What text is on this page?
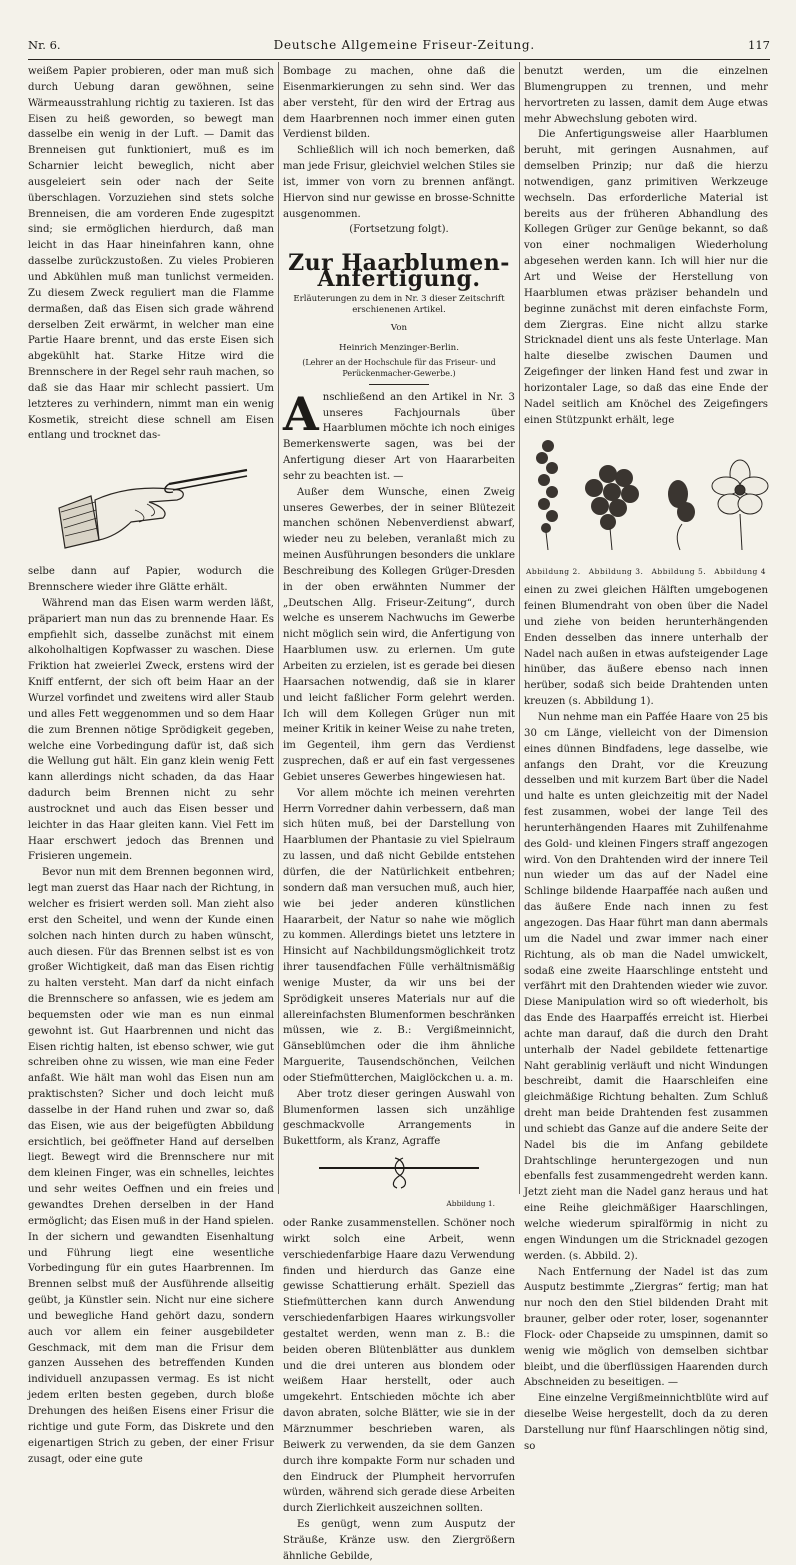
Nr. 6.	Deutsche Allgemeine Friseur-Zeitung.	117

weißem Papier probieren, oder man muß sich durch Uebung daran gewöhnen, seine Wärmeausstrahlung richtig zu taxieren. Ist das Eisen zu heiß geworden, so bewegt man dasselbe ein wenig in der Luft. — Damit das Brenneisen gut funktioniert, muß es im Scharnier leicht beweglich, nicht aber ausgeleiert sein oder nach der Seite überschlagen. Vorzuziehen sind stets solche Brenneisen, die am vorderen Ende zugespitzt sind; sie ermöglichen hierdurch, daß man leicht in das Haar hineinfahren kann, ohne dasselbe zurückzustoßen. Zu vieles Probieren und Abkühlen muß man tunlichst vermeiden. Zu diesem Zweck reguliert man die Flamme dermaßen, daß das Eisen sich grade während derselben Zeit erwärmt, in welcher man eine Partie Haare brennt, und das erste Eisen sich abgekühlt hat. Starke Hitze wird die Brennschere in der Regel sehr rauh machen, so daß sie das Haar mir schlecht passiert. Um letzteres zu verhindern, nimmt man ein wenig Kosmetik, streicht diese schnell am Eisen entlang und trocknet das-

selbe dann auf Papier, wodurch die Brennschere wieder ihre Glätte erhält.

Während man das Eisen warm werden läßt, präpariert man nun das zu brennende Haar. Es empfiehlt sich, dasselbe zunächst mit einem alkoholhaltigen Kopfwasser zu waschen. Diese Friktion hat zweierlei Zweck, erstens wird der Kniff entfernt, der sich oft beim Haar an der Wurzel vorfindet und zweitens wird aller Staub und alles Fett weggenommen und so dem Haar die zum Brennen nötige Sprödigkeit gegeben, welche eine Vorbedingung dafür ist, daß sich die Wellung gut hält. Ein ganz klein wenig Fett kann allerdings nicht schaden, da das Haar dadurch beim Brennen nicht zu sehr austrocknet und auch das Eisen besser und leichter in das Haar gleiten kann. Viel Fett im Haar erschwert jedoch das Brennen und Frisieren ungemein.

Bevor nun mit dem Brennen begonnen wird, legt man zuerst das Haar nach der Richtung, in welcher es frisiert werden soll. Man zieht also erst den Scheitel, und wenn der Kunde einen solchen nach hinten durch zu haben wünscht, auch diesen. Für das Brennen selbst ist es von großer Wichtigkeit, daß man das Eisen richtig zu halten versteht. Man darf da nicht einfach die Brennschere so anfassen, wie es jedem am bequemsten oder wie man es nun einmal gewohnt ist. Gut Haarbrennen und nicht das Eisen richtig halten, ist ebenso schwer, wie gut schreiben ohne zu wissen, wie man eine Feder anfaßt. Wie hält man wohl das Eisen nun am praktischsten? Sicher und doch leicht muß dasselbe in der Hand ruhen und zwar so, daß das Eisen, wie aus der beigefügten Abbildung ersichtlich, bei geöffneter Hand auf derselben liegt. Bewegt wird die Brennschere nur mit dem kleinen Finger, was ein schnelles, leichtes und sehr weites Oeffnen und ein freies und gewandtes Drehen derselben in der Hand ermöglicht; das Eisen muß in der Hand spielen. In der sichern und gewandten Eisenhaltung und Führung liegt eine wesentliche Vorbedingung für ein gutes Haarbrennen. Im Brennen selbst muß der Ausführende allseitig geübt, ja Künstler sein. Nicht nur eine sichere und bewegliche Hand gehört dazu, sondern auch vor allem ein feiner ausgebildeter Geschmack, mit dem man die Frisur dem ganzen Aussehen des betreffenden Kunden individuell anzupassen vermag. Es ist nicht jedem erlten besten gegeben, durch bloße Drehungen des heißen Eisens einer Frisur die richtige und gute Form, das Diskrete und den eigenartigen Strich zu geben, der einer Frisur zusagt, oder eine gute

Bombage zu machen, ohne daß die Eisenmarkierungen zu sehn sind. Wer das aber versteht, für den wird der Ertrag aus dem Haarbrennen noch immer einen guten Verdienst bilden.

Schließlich will ich noch bemerken, daß man jede Frisur, gleichviel welchen Stiles sie ist, immer von vorn zu brennen anfängt. Hiervon sind nur gewisse en brosse-Schnitte ausgenommen.

(Fortsetzung folgt).

Zur Haarblumen-Anfertigung.
Erläuterungen zu dem in Nr. 3 dieser Zeitschrift erschienenen Artikel.
Von
Heinrich Menzinger-Berlin.
(Lehrer an der Hochschule für das Friseur- und Perückenmacher-Gewerbe.)

Anschließend an den Artikel in Nr. 3 unseres Fachjournals über Haarblumen möchte ich noch einiges Bemerkenswerte sagen, was bei der Anfertigung dieser Art von Haararbeiten sehr zu beachten ist. —

Außer dem Wunsche, einen Zweig unseres Gewerbes, der in seiner Blütezeit manchen schönen Nebenverdienst abwarf, wieder neu zu beleben, veranlaßt mich zu meinen Ausführungen besonders die unklare Beschreibung des Kollegen Grüger-Dresden in der oben erwähnten Nummer der „Deutschen Allg. Friseur-Zeitung“, durch welche es unserem Nachwuchs im Gewerbe nicht möglich sein wird, die Anfertigung von Haarblumen usw. zu erlernen. Um gute Arbeiten zu erzielen, ist es gerade bei diesen Haarsachen notwendig, daß sie in klarer und leicht faßlicher Form gelehrt werden. Ich will dem Kollegen Grüger nun mit meiner Kritik in keiner Weise zu nahe treten, im Gegenteil, ihm gern das Verdienst zusprechen, daß er auf ein fast vergessenes Gebiet unseres Gewerbes hingewiesen hat.

Vor allem möchte ich meinen verehrten Herrn Vorredner dahin verbessern, daß man sich hüten muß, bei der Darstellung von Haarblumen der Phantasie zu viel Spielraum zu lassen, und daß nicht Gebilde entstehen dürfen, die der Natürlichkeit entbehren; sondern daß man versuchen muß, auch hier, wie bei jeder anderen künstlichen Haararbeit, der Natur so nahe wie möglich zu kommen. Allerdings bietet uns letztere in Hinsicht auf Nachbildungsmöglichkeit trotz ihrer tausendfachen Fülle verhältnismäßig wenige Muster, da wir uns bei der Sprödigkeit unseres Materials nur auf die allereinfachsten Blumenformen beschränken müssen, wie z. B.: Vergißmeinnicht, Gänseblümchen oder die ihm ähnliche Marguerite, Tausendschönchen, Veilchen oder Stiefmütterchen, Maiglöckchen u. a. m.

Aber trotz dieser geringen Auswahl von Blumenformen lassen sich unzählige geschmackvolle Arrangements in Bukettform, als Kranz, Agraffe

Abbildung 1.

oder Ranke zusammenstellen. Schöner noch wirkt solch eine Arbeit, wenn verschiedenfarbige Haare dazu Verwendung finden und hierdurch das Ganze eine gewisse Schattierung erhält. Speziell das Stiefmütterchen kann durch Anwendung verschiedenfarbigen Haares wirkungsvoller gestaltet werden, wenn man z. B.: die beiden oberen Blütenblätter aus dunklem und die drei unteren aus blondem oder weißem Haar herstellt, oder auch umgekehrt. Entschieden möchte ich aber davon abraten, solche Blätter, wie sie in der Märznummer beschrieben waren, als Beiwerk zu verwenden, da sie dem Ganzen durch ihre kompakte Form nur schaden und den Eindruck der Plumpheit hervorrufen würden, während sich gerade diese Arbeiten durch Zierlichkeit auszeichnen sollten.

Es genügt, wenn zum Ausputz der Sträuße, Kränze usw. den Ziergrößern ähnliche Gebilde,

benutzt werden, um die einzelnen Blumengruppen zu trennen, und mehr hervortreten zu lassen, damit dem Auge etwas mehr Abwechslung geboten wird.

Die Anfertigungsweise aller Haarblumen beruht, mit geringen Ausnahmen, auf demselben Prinzip; nur daß die hierzu notwendigen, ganz primitiven Werkzeuge wechseln. Das erforderliche Material ist bereits aus der früheren Abhandlung des Kollegen Grüger zur Genüge bekannt, so daß von einer nochmaligen Wiederholung abgesehen werden kann. Ich will hier nur die Art und Weise der Herstellung von Haarblumen etwas präziser behandeln und beginne zunächst mit deren einfachste Form, dem Ziergras. Eine nicht allzu starke Stricknadel dient uns als feste Unterlage. Man halte dieselbe zwischen Daumen und Zeigefinger der linken Hand fest und zwar in horizontaler Lage, so daß das eine Ende der Nadel seitlich am Knöchel des Zeigefingers einen Stützpunkt erhält, lege

Abbildung 2. Abbildung 3. Abbildung 5. Abbildung 4

einen zu zwei gleichen Hälften umgebogenen feinen Blumendraht von oben über die Nadel und ziehe von beiden herunterhängenden Enden desselben das innere unterhalb der Nadel nach außen in etwas aufsteigender Lage hinüber, das äußere ebenso nach innen herüber, sodaß sich beide Drahtenden unten kreuzen (s. Abbildung 1).

Nun nehme man ein Paffée Haare von 25 bis 30 cm Länge, vielleicht von der Dimension eines dünnen Bindfadens, lege dasselbe, wie anfangs den Draht, vor die Kreuzung desselben und mit kurzem Bart über die Nadel und halte es unten gleichzeitig mit der Nadel fest zusammen, wobei der lange Teil des herunterhängenden Haares mit Zuhilfenahme des Gold- und kleinen Fingers straff angezogen wird. Von den Drahtenden wird der innere Teil nun wieder um das auf der Nadel eine Schlinge bildende Haarpaffée nach außen und das äußere Ende nach innen zu fest angezogen. Das Haar führt man dann abermals um die Nadel und zwar immer nach einer Richtung, als ob man die Nadel umwickelt, sodaß eine zweite Haarschlinge entsteht und verfährt mit den Drahtenden wieder wie zuvor. Diese Manipulation wird so oft wiederholt, bis das Ende des Haarpaffés erreicht ist. Hierbei achte man darauf, daß die durch den Draht unterhalb der Nadel gebildete fettenartige Naht gerablinig verläuft und nicht Windungen beschreibt, damit die Haarschleifen eine gleichmäßige Richtung behalten. Zum Schluß dreht man beide Drahtenden fest zusammen und schiebt das Ganze auf die andere Seite der Nadel bis die im Anfang gebildete Drahtschlinge heruntergezogen und nun ebenfalls fest zusammengedreht werden kann. Jetzt zieht man die Nadel ganz heraus und hat eine Reihe gleichmäßiger Haarschlingen, welche wiederum spiralförmig in nicht zu engen Windungen um die Stricknadel gezogen werden. (s. Abbild. 2).

Nach Entfernung der Nadel ist das zum Ausputz bestimmte „Ziergras“ fertig; man hat nur noch den den Stiel bildenden Draht mit brauner, gelber oder roter, loser, sogenannter Flock- oder Chapseide zu umspinnen, damit so wenig wie möglich von demselben sichtbar bleibt, und die überflüssigen Haarenden durch Abschneiden zu beseitigen. —

Eine einzelne Vergißmeinnichtblüte wird auf dieselbe Weise hergestellt, doch da zu deren Darstellung nur fünf Haarschlingen nötig sind, so
